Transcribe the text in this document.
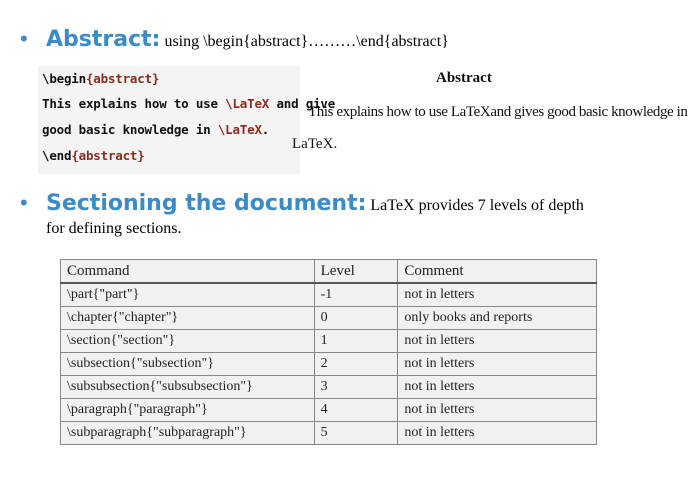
• Abstract: using \begin{abstract}………\end{abstract}
\begin{abstract}
This explains how to use \LaTeX and give
good basic knowledge in \LaTeX.
\end{abstract}
Abstract
This explains how to use LaTeXand gives good basic knowledge in
LaTeX.
• Sectioning the document: LaTeX provides 7 levels of depth
for defining sections.
Command	Level	Comment
\part{"part"}	-1	not in letters
\chapter{"chapter"}	0	only books and reports
\section{"section"}	1	not in letters
\subsection{"subsection"}	2	not in letters
\subsubsection{"subsubsection"}	3	not in letters
\paragraph{"paragraph"}	4	not in letters
\subparagraph{"subparagraph"}	5	not in letters
